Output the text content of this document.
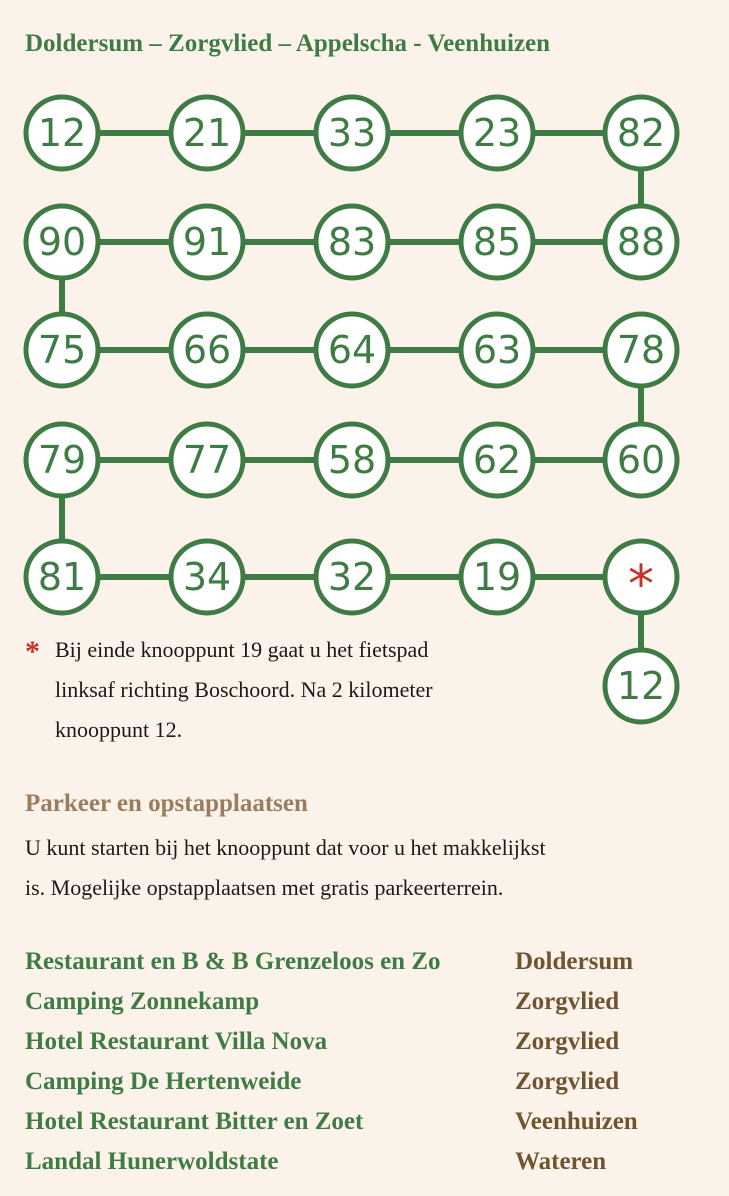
Doldersum – Zorgvlied – Appelscha - Veenhuizen
12	21	33	23	82
90	91	83	85	88
75	66	64	63	78
79	77	58	62	60
81	34	32	19 *
12
* Bij einde knooppunt 19 gaat u het fietspad
linksaf richting Boschoord. Na 2 kilometer
knooppunt 12.
Parkeer en opstapplaatsen
U kunt starten bij het knooppunt dat voor u het makkelijkst
is. Mogelijke opstapplaatsen met gratis parkeerterrein.
Restaurant en B & B Grenzeloos en Zo	Doldersum
Camping Zonnekamp	Zorgvlied
Hotel Restaurant Villa Nova	Zorgvlied
Camping De Hertenweide	Zorgvlied
Hotel Restaurant Bitter en Zoet	Veenhuizen
Landal Hunerwoldstate	Wateren
